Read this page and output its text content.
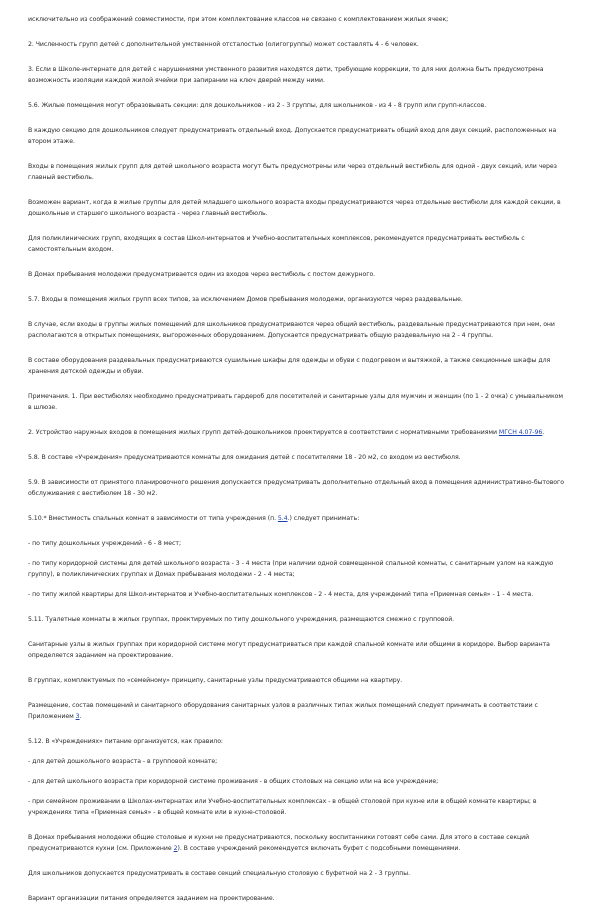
исключительно из соображений совместимости, при этом комплектование классов не связано с комплектованием жилых ячеек;

2. Численность групп детей с дополнительной умственной отсталостью (олигогруппы) может составлять 4 - 6 человек.

3. Если в Школе-интернате для детей с нарушениями умственного развития находятся дети, требующие коррекции, то для них должна быть предусмотрена возможность изоляции каждой жилой ячейки при запирании на ключ дверей между ними.

5.6. Жилые помещения могут образовывать секции: для дошкольников - из 2 - 3 группы, для школьников - из 4 - 8 групп или групп-классов.

В каждую секцию для дошкольников следует предусматривать отдельный вход. Допускается предусматривать общий вход для двух секций, расположенных на втором этаже.

Входы в помещения жилых групп для детей школьного возраста могут быть предусмотрены или через отдельный вестибюль для одной - двух секций, или через главный вестибюль.

Возможен вариант, когда в жилые группы для детей младшего школьного возраста входы предусматриваются через отдельные вестибюли для каждой секции, в дошкольные и старшего школьного возраста - через главный вестибюль.

Для поликлинических групп, входящих в состав Школ-интернатов и Учебно-воспитательных комплексов, рекомендуется предусматривать вестибюль с самостоятельным входом.

В Домах пребывания молодежи предусматривается один из входов через вестибюль с постом дежурного.

5.7. Входы в помещения жилых групп всех типов, за исключением Домов пребывания молодежи, организуются через раздевальные.

В случае, если входы в группы жилых помещений для школьников предусматриваются через общий вестибюль, раздевальные предусматриваются при нем, они располагаются в открытых помещениях, выгороженных оборудованием. Допускается предусматривать общую раздевальную на 2 - 4 группы.

В составе оборудования раздевальных предусматриваются сушильные шкафы для одежды и обуви с подогревом и вытяжкой, а также секционные шкафы для хранения детской одежды и обуви.

Примечания. 1. При вестибюлях необходимо предусматривать гардероб для посетителей и санитарные узлы для мужчин и женщин (по 1 - 2 очка) с умывальником в шлюзе.

2. Устройство наружных входов в помещения жилых групп детей-дошкольников проектируется в соответствии с нормативными требованиями МГСН 4.07-96.

5.8. В составе «Учреждения» предусматриваются комнаты для ожидания детей с посетителями 18 - 20 м2, со входом из вестибюля.

5.9. В зависимости от принятого планировочного решения допускается предусматривать дополнительно отдельный вход в помещения административно-бытового обслуживания с вестибюлем 18 - 30 м2.

5.10.* Вместимость спальных комнат в зависимости от типа учреждения (п. 5.4.) следует принимать:

- по типу дошкольных учреждений - 6 - 8 мест;

- по типу коридорной системы для детей школьного возраста - 3 - 4 места (при наличии одной совмещенной спальной комнаты, с санитарным узлом на каждую группу), в поликлинических группах и Домах пребывания молодежи - 2 - 4 места;

- по типу жилой квартиры для Школ-интернатов и Учебно-воспитательных комплексов - 2 - 4 места, для учреждений типа «Приемная семья» - 1 - 4 места.

5.11. Туалетные комнаты в жилых группах, проектируемых по типу дошкольного учреждения, размещаются смежно с групповой.

Санитарные узлы в жилых группах при коридорной системе могут предусматриваться при каждой спальной комнате или общими в коридоре. Выбор варианта определяется заданием на проектирование.

В группах, комплектуемых по «семейному» принципу, санитарные узлы предусматриваются общими на квартиру.

Размещение, состав помещений и санитарного оборудования санитарных узлов в различных типах жилых помещений следует принимать в соответствии с Приложением 3.

5.12. В «Учреждениях» питание организуется, как правило:

- для детей дошкольного возраста - в групповой комнате;

- для детей школьного возраста при коридорной системе проживания - в общих столовых на секцию или на все учреждение;

- при семейном проживании в Школах-интернатах или Учебно-воспитательных комплексах - в общей столовой при кухне или в общей комнате квартиры; в учреждениях типа «Приемная семья» - в общей комнате или в кухне-столовой.

В Домах пребывания молодежи общие столовые и кухни не предусматриваются, поскольку воспитанники готовят себе сами. Для этого в составе секций предусматриваются кухни (см. Приложение 2). В составе учреждений рекомендуется включать буфет с подсобными помещениями.

Для школьников допускается предусматривать в составе секций специальную столовую с буфетной на 2 - 3 группы.

Вариант организации питания определяется заданием на проектирование.
